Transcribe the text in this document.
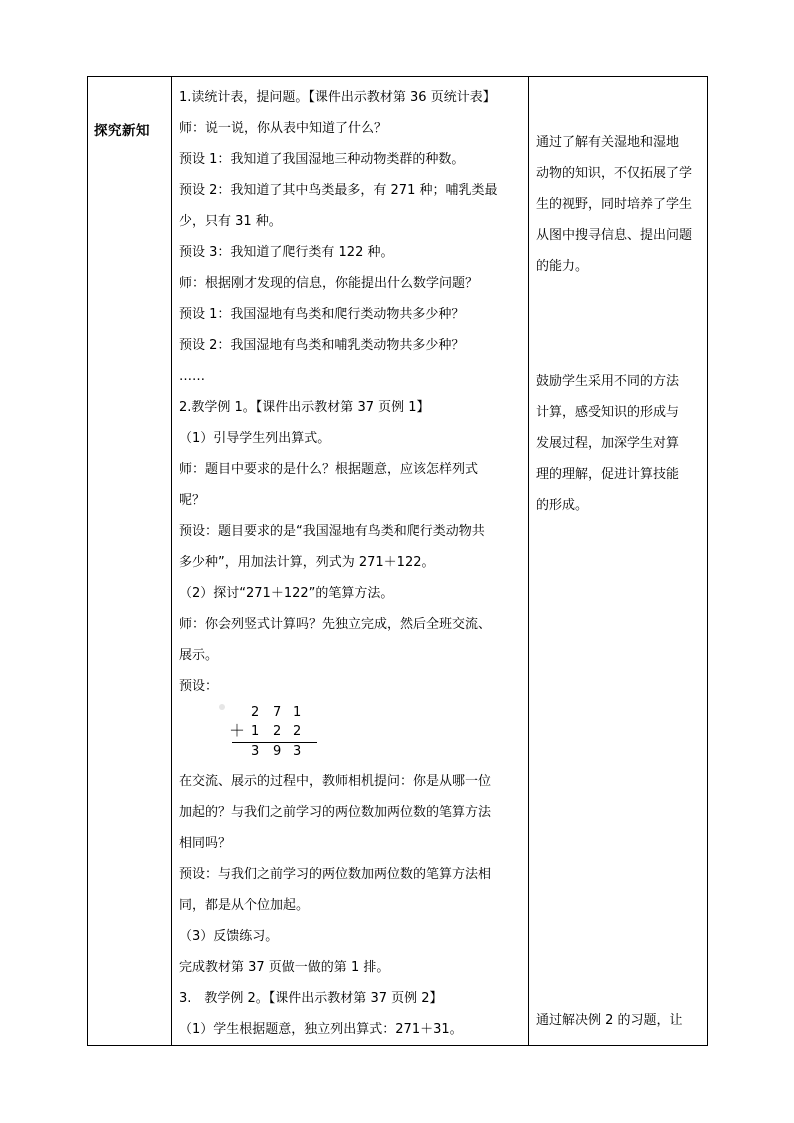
探究新知

1.读统计表，提问题。【课件出示教材第 36 页统计表】

师：说一说，你从表中知道了什么？

预设 1：我知道了我国湿地三种动物类群的种数。

预设 2：我知道了其中鸟类最多，有 271 种；哺乳类最

少，只有 31 种。

预设 3：我知道了爬行类有 122 种。

师：根据刚才发现的信息，你能提出什么数学问题？

预设 1：我国湿地有鸟类和爬行类动物共多少种？

预设 2：我国湿地有鸟类和哺乳类动物共多少种？

……

2.教学例 1。【课件出示教材第 37 页例 1】

（1）引导学生列出算式。

师：题目中要求的是什么？根据题意，应该怎样列式

呢？

预设：题目要求的是“我国湿地有鸟类和爬行类动物共

多少种”，用加法计算，列式为 271＋122。

（2）探讨“271＋122”的笔算方法。

师：你会列竖式计算吗？先独立完成，然后全班交流、

展示。

预设：

2 7 1
＋ 1 2 2
3 9 3

在交流、展示的过程中，教师相机提问：你是从哪一位

加起的？与我们之前学习的两位数加两位数的笔算方法

相同吗？

预设：与我们之前学习的两位数加两位数的笔算方法相

同，都是从个位加起。

（3）反馈练习。

完成教材第 37 页做一做的第 1 排。

3.　教学例 2。【课件出示教材第 37 页例 2】

（1）学生根据题意，独立列出算式：271＋31。

通过了解有关湿地和湿地

动物的知识，不仅拓展了学

生的视野，同时培养了学生

从图中搜寻信息、提出问题

的能力。

鼓励学生采用不同的方法

计算，感受知识的形成与

发展过程，加深学生对算

理的理解，促进计算技能

的形成。

通过解决例 2 的习题，让
